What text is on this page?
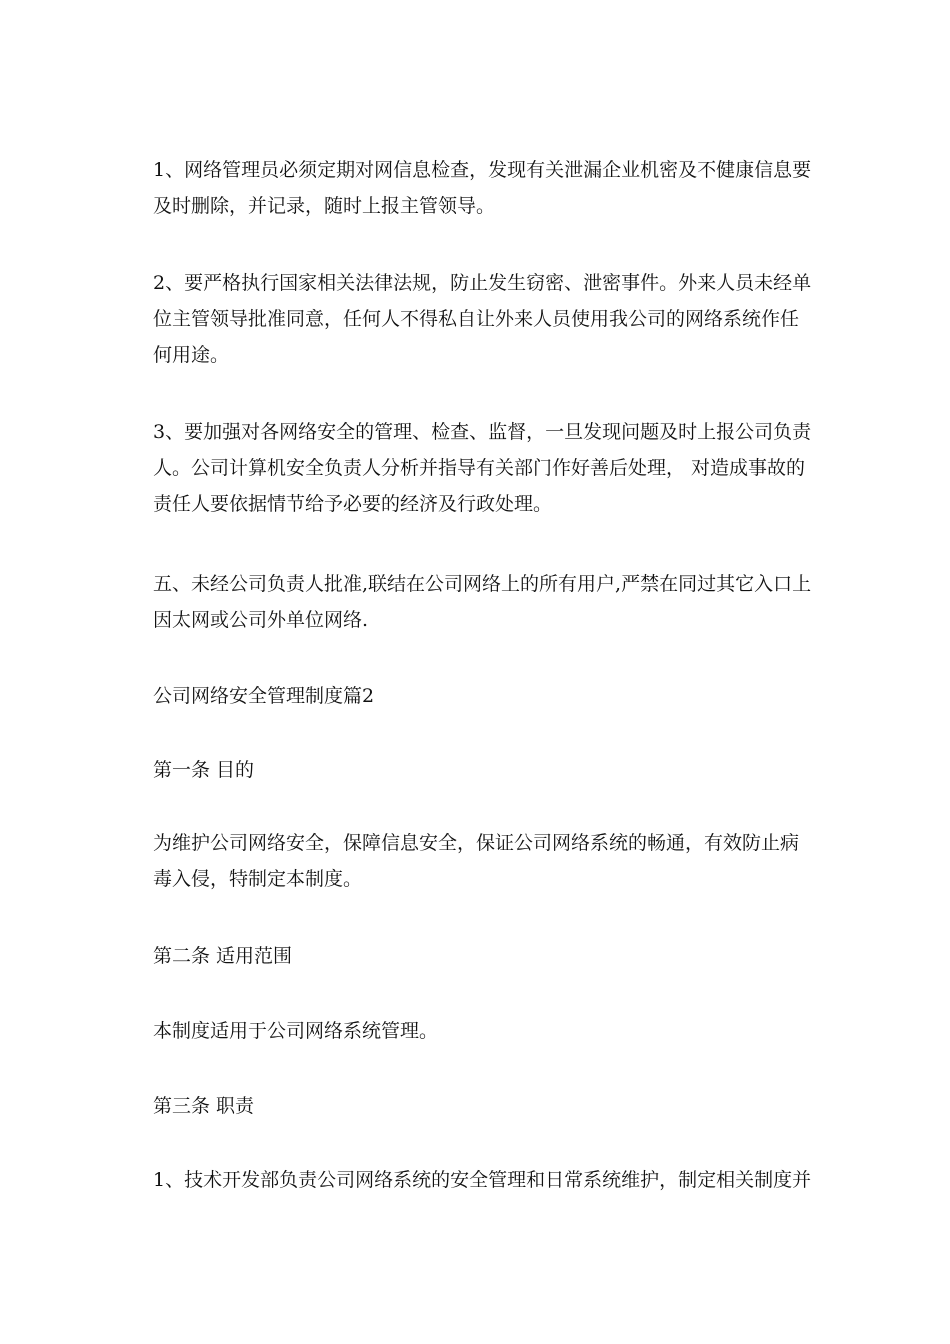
1、网络管理员必须定期对网信息检查，发现有关泄漏企业机密及不健康信息要及时删除，并记录，随时上报主管领导。

2、要严格执行国家相关法律法规，防止发生窃密、泄密事件。外来人员未经单位主管领导批准同意，任何人不得私自让外来人员使用我公司的网络系统作任何用途。

3、要加强对各网络安全的管理、检查、监督，一旦发现问题及时上报公司负责人。公司计算机安全负责人分析并指导有关部门作好善后处理， 对造成事故的责任人要依据情节给予必要的经济及行政处理。

五、未经公司负责人批准,联结在公司网络上的所有用户,严禁在同过其它入口上因太网或公司外单位网络.

公司网络安全管理制度篇2

第一条 目的

为维护公司网络安全，保障信息安全，保证公司网络系统的畅通，有效防止病毒入侵，特制定本制度。

第二条 适用范围

本制度适用于公司网络系统管理。

第三条 职责

1、技术开发部负责公司网络系统的安全管理和日常系统维护，制定相关制度并
